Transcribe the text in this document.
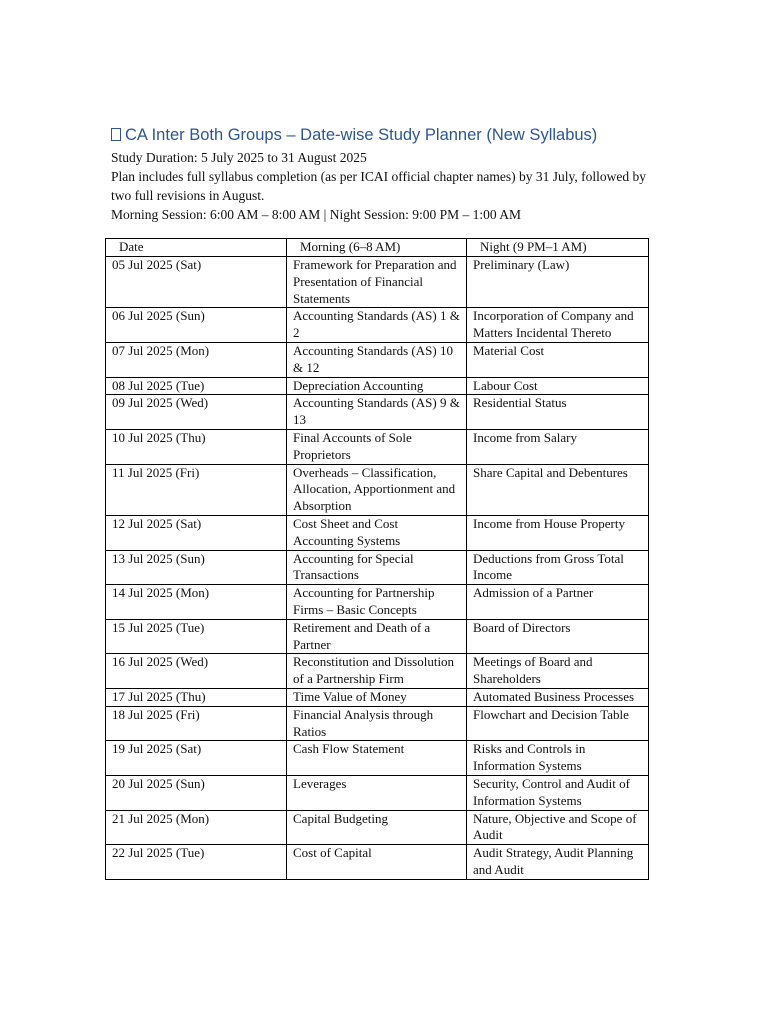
CA Inter Both Groups – Date-wise Study Planner (New Syllabus)

Study Duration: 5 July 2025 to 31 August 2025

Plan includes full syllabus completion (as per ICAI official chapter names) by 31 July, followed by two full revisions in August.

Morning Session: 6:00 AM – 8:00 AM | Night Session: 9:00 PM – 1:00 AM

Date	Morning (6–8 AM)	Night (9 PM–1 AM)
05 Jul 2025 (Sat)	Framework for Preparation and Presentation of Financial Statements	Preliminary (Law)
06 Jul 2025 (Sun)	Accounting Standards (AS) 1 & 2	Incorporation of Company and Matters Incidental Thereto
07 Jul 2025 (Mon)	Accounting Standards (AS) 10 & 12	Material Cost
08 Jul 2025 (Tue)	Depreciation Accounting	Labour Cost
09 Jul 2025 (Wed)	Accounting Standards (AS) 9 & 13	Residential Status
10 Jul 2025 (Thu)	Final Accounts of Sole Proprietors	Income from Salary
11 Jul 2025 (Fri)	Overheads – Classification, Allocation, Apportionment and Absorption	Share Capital and Debentures
12 Jul 2025 (Sat)	Cost Sheet and Cost Accounting Systems	Income from House Property
13 Jul 2025 (Sun)	Accounting for Special Transactions	Deductions from Gross Total Income
14 Jul 2025 (Mon)	Accounting for Partnership Firms – Basic Concepts	Admission of a Partner
15 Jul 2025 (Tue)	Retirement and Death of a Partner	Board of Directors
16 Jul 2025 (Wed)	Reconstitution and Dissolution of a Partnership Firm	Meetings of Board and Shareholders
17 Jul 2025 (Thu)	Time Value of Money	Automated Business Processes
18 Jul 2025 (Fri)	Financial Analysis through Ratios	Flowchart and Decision Table
19 Jul 2025 (Sat)	Cash Flow Statement	Risks and Controls in Information Systems
20 Jul 2025 (Sun)	Leverages	Security, Control and Audit of Information Systems
21 Jul 2025 (Mon)	Capital Budgeting	Nature, Objective and Scope of Audit
22 Jul 2025 (Tue)	Cost of Capital	Audit Strategy, Audit Planning and Audit
